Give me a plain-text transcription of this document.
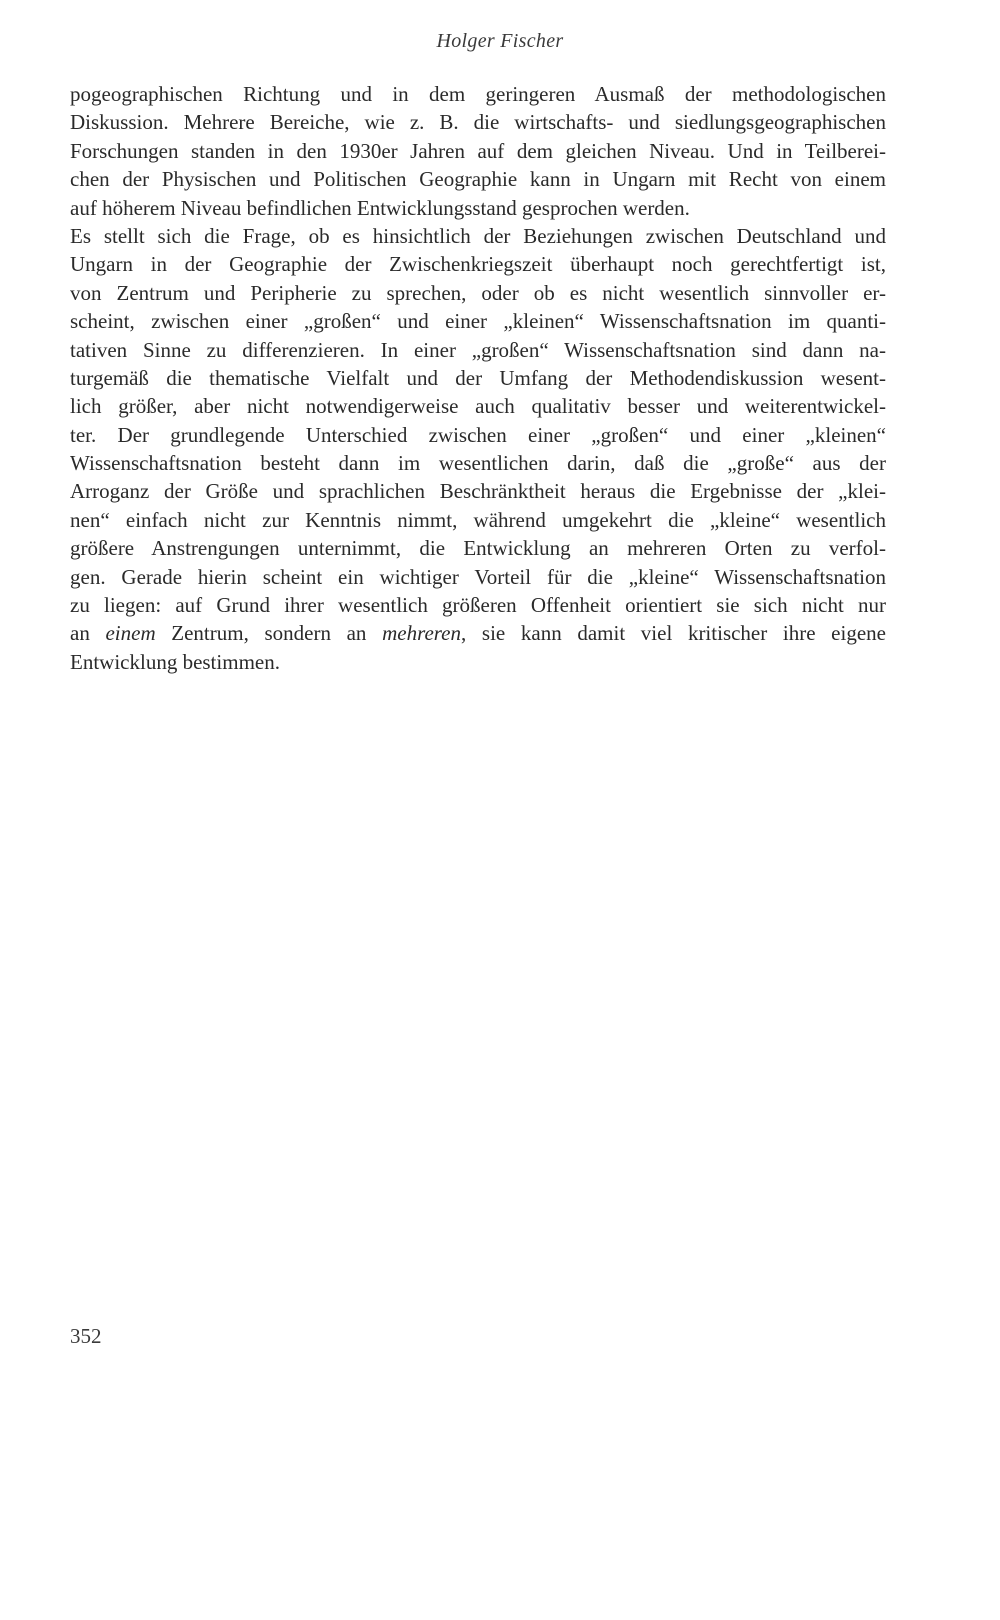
Holger Fischer
pogeographischen Richtung und in dem geringeren Ausmaß der methodologischen
Diskussion. Mehrere Bereiche, wie z. B. die wirtschafts- und siedlungsgeographischen
Forschungen standen in den 1930er Jahren auf dem gleichen Niveau. Und in Teilberei-
chen der Physischen und Politischen Geographie kann in Ungarn mit Recht von einem
auf höherem Niveau befindlichen Entwicklungsstand gesprochen werden.
Es stellt sich die Frage, ob es hinsichtlich der Beziehungen zwischen Deutschland und
Ungarn in der Geographie der Zwischenkriegszeit überhaupt noch gerechtfertigt ist,
von Zentrum und Peripherie zu sprechen, oder ob es nicht wesentlich sinnvoller er-
scheint, zwischen einer „großen“ und einer „kleinen“ Wissenschaftsnation im quanti-
tativen Sinne zu differenzieren. In einer „großen“ Wissenschaftsnation sind dann na-
turgemäß die thematische Vielfalt und der Umfang der Methodendiskussion wesent-
lich größer, aber nicht notwendigerweise auch qualitativ besser und weiterentwickel-
ter. Der grundlegende Unterschied zwischen einer „großen“ und einer „kleinen“
Wissenschaftsnation besteht dann im wesentlichen darin, daß die „große“ aus der
Arroganz der Größe und sprachlichen Beschränktheit heraus die Ergebnisse der „klei-
nen“ einfach nicht zur Kenntnis nimmt, während umgekehrt die „kleine“ wesentlich
größere Anstrengungen unternimmt, die Entwicklung an mehreren Orten zu verfol-
gen. Gerade hierin scheint ein wichtiger Vorteil für die „kleine“ Wissenschaftsnation
zu liegen: auf Grund ihrer wesentlich größeren Offenheit orientiert sie sich nicht nur
an einem Zentrum, sondern an mehreren, sie kann damit viel kritischer ihre eigene
Entwicklung bestimmen.
352
